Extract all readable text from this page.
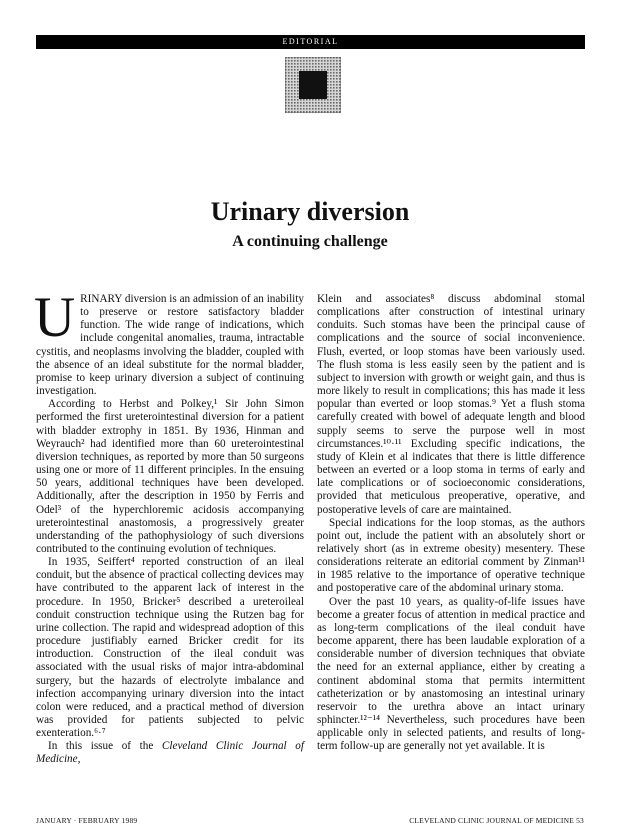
EDITORIAL
Urinary diversion
A continuing challenge

URINARY diversion is an admission of an inability to preserve or restore satisfactory bladder function. The wide range of indications, which include congenital anomalies, trauma, intractable cystitis, and neoplasms involving the bladder, coupled with the absence of an ideal substitute for the normal bladder, promise to keep urinary diversion a subject of continuing investigation.

According to Herbst and Polkey,¹ Sir John Simon performed the first ureterointestinal diversion for a patient with bladder extrophy in 1851. By 1936, Hinman and Weyrauch² had identified more than 60 ureterointestinal diversion techniques, as reported by more than 50 surgeons using one or more of 11 different principles. In the ensuing 50 years, additional techniques have been developed. Additionally, after the description in 1950 by Ferris and Odel³ of the hyperchloremic acidosis accompanying ureterointestinal anastomosis, a progressively greater understanding of the pathophysiology of such diversions contributed to the continuing evolution of techniques.

In 1935, Seiffert⁴ reported construction of an ileal conduit, but the absence of practical collecting devices may have contributed to the apparent lack of interest in the procedure. In 1950, Bricker⁵ described a ureteroileal conduit construction technique using the Rutzen bag for urine collection. The rapid and widespread adoption of this procedure justifiably earned Bricker credit for its introduction. Construction of the ileal conduit was associated with the usual risks of major intra-abdominal surgery, but the hazards of electrolyte imbalance and infection accompanying urinary diversion into the intact colon were reduced, and a practical method of diversion was provided for patients subjected to pelvic exenteration.⁶·⁷

In this issue of the Cleveland Clinic Journal of Medicine,

Klein and associates⁸ discuss abdominal stomal complications after construction of intestinal urinary conduits. Such stomas have been the principal cause of complications and the source of social inconvenience. Flush, everted, or loop stomas have been variously used. The flush stoma is less easily seen by the patient and is subject to inversion with growth or weight gain, and thus is more likely to result in complications; this has made it less popular than everted or loop stomas.⁹ Yet a flush stoma carefully created with bowel of adequate length and blood supply seems to serve the purpose well in most circumstances.¹⁰·¹¹ Excluding specific indications, the study of Klein et al indicates that there is little difference between an everted or a loop stoma in terms of early and late complications or of socioeconomic considerations, provided that meticulous preoperative, operative, and postoperative levels of care are maintained.

Special indications for the loop stomas, as the authors point out, include the patient with an absolutely short or relatively short (as in extreme obesity) mesentery. These considerations reiterate an editorial comment by Zinman¹¹ in 1985 relative to the importance of operative technique and postoperative care of the abdominal urinary stoma.

Over the past 10 years, as quality-of-life issues have become a greater focus of attention in medical practice and as long-term complications of the ileal conduit have become apparent, there has been laudable exploration of a considerable number of diversion techniques that obviate the need for an external appliance, either by creating a continent abdominal stoma that permits intermittent catheterization or by anastomosing an intestinal urinary reservoir to the urethra above an intact urinary sphincter.¹²⁻¹⁴ Nevertheless, such procedures have been applicable only in selected patients, and results of long-term follow-up are generally not yet available. It is

JANUARY · FEBRUARY 1989	CLEVELAND CLINIC JOURNAL OF MEDICINE 53
